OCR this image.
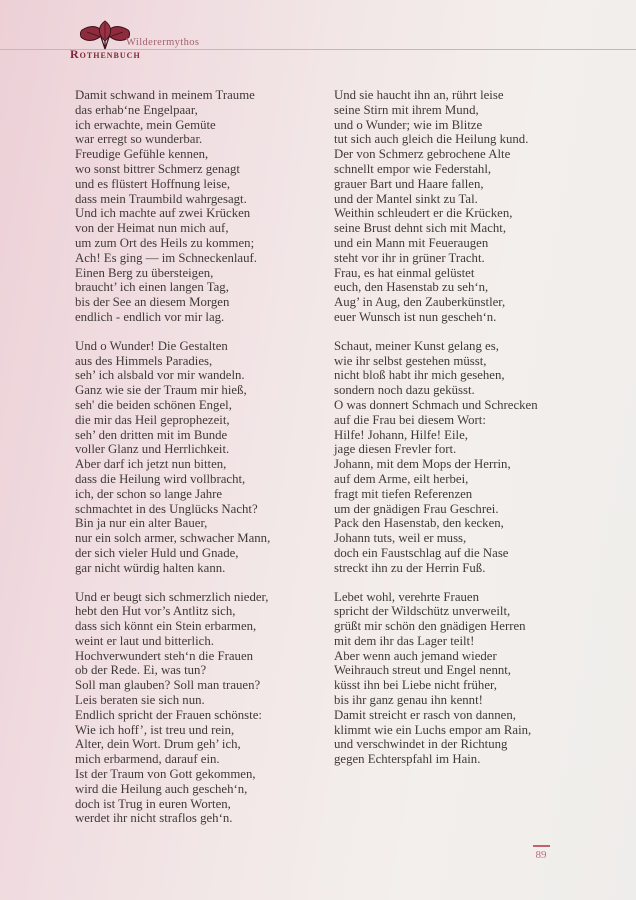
Rothenbuch
Wilderermythos
Damit schwand in meinem Traume
das erhab‘ne Engelpaar,
ich erwachte, mein Gemüte
war erregt so wunderbar.
Freudige Gefühle kennen,
wo sonst bittrer Schmerz genagt
und es flüstert Hoffnung leise,
dass mein Traumbild wahrgesagt.
Und ich machte auf zwei Krücken
von der Heimat nun mich auf,
um zum Ort des Heils zu kommen;
Ach! Es ging — im Schneckenlauf.
Einen Berg zu übersteigen,
braucht’ ich einen langen Tag,
bis der See an diesem Morgen
endlich - endlich vor mir lag.
Und o Wunder! Die Gestalten
aus des Himmels Paradies,
seh’ ich alsbald vor mir wandeln.
Ganz wie sie der Traum mir hieß,
seh' die beiden schönen Engel,
die mir das Heil geprophezeit,
seh’ den dritten mit im Bunde
voller Glanz und Herrlichkeit.
Aber darf ich jetzt nun bitten,
dass die Heilung wird vollbracht,
ich, der schon so lange Jahre
schmachtet in des Unglücks Nacht?
Bin ja nur ein alter Bauer,
nur ein solch armer, schwacher Mann,
der sich vieler Huld und Gnade,
gar nicht würdig halten kann.
Und er beugt sich schmerzlich nieder,
hebt den Hut vor’s Antlitz sich,
dass sich könnt ein Stein erbarmen,
weint er laut und bitterlich.
Hochverwundert steh‘n die Frauen
ob der Rede. Ei, was tun?
Soll man glauben? Soll man trauen?
Leis beraten sie sich nun.
Endlich spricht der Frauen schönste:
Wie ich hoff’, ist treu und rein,
Alter, dein Wort. Drum geh’ ich,
mich erbarmend, darauf ein.
Ist der Traum von Gott gekommen,
wird die Heilung auch gescheh‘n,
doch ist Trug in euren Worten,
werdet ihr nicht straflos geh‘n.
Und sie haucht ihn an, rührt leise
seine Stirn mit ihrem Mund,
und o Wunder; wie im Blitze
tut sich auch gleich die Heilung kund.
Der von Schmerz gebrochene Alte
schnellt empor wie Federstahl,
grauer Bart und Haare fallen,
und der Mantel sinkt zu Tal.
Weithin schleudert er die Krücken,
seine Brust dehnt sich mit Macht,
und ein Mann mit Feueraugen
steht vor ihr in grüner Tracht.
Frau, es hat einmal gelüstet
euch, den Hasenstab zu seh‘n,
Aug’ in Aug, den Zauberkünstler,
euer Wunsch ist nun gescheh‘n.
Schaut, meiner Kunst gelang es,
wie ihr selbst gestehen müsst,
nicht bloß habt ihr mich gesehen,
sondern noch dazu geküsst.
O was donnert Schmach und Schrecken
auf die Frau bei diesem Wort:
Hilfe! Johann, Hilfe! Eile,
jage diesen Frevler fort.
Johann, mit dem Mops der Herrin,
auf dem Arme, eilt herbei,
fragt mit tiefen Referenzen
um der gnädigen Frau Geschrei.
Pack den Hasenstab, den kecken,
Johann tuts, weil er muss,
doch ein Faustschlag auf die Nase
streckt ihn zu der Herrin Fuß.
Lebet wohl, verehrte Frauen
spricht der Wildschütz unverweilt,
grüßt mir schön den gnädigen Herren
mit dem ihr das Lager teilt!
Aber wenn auch jemand wieder
Weihrauch streut und Engel nennt,
küsst ihn bei Liebe nicht früher,
bis ihr ganz genau ihn kennt!
Damit streicht er rasch von dannen,
klimmt wie ein Luchs empor am Rain,
und verschwindet in der Richtung
gegen Echterspfahl im Hain.
89
